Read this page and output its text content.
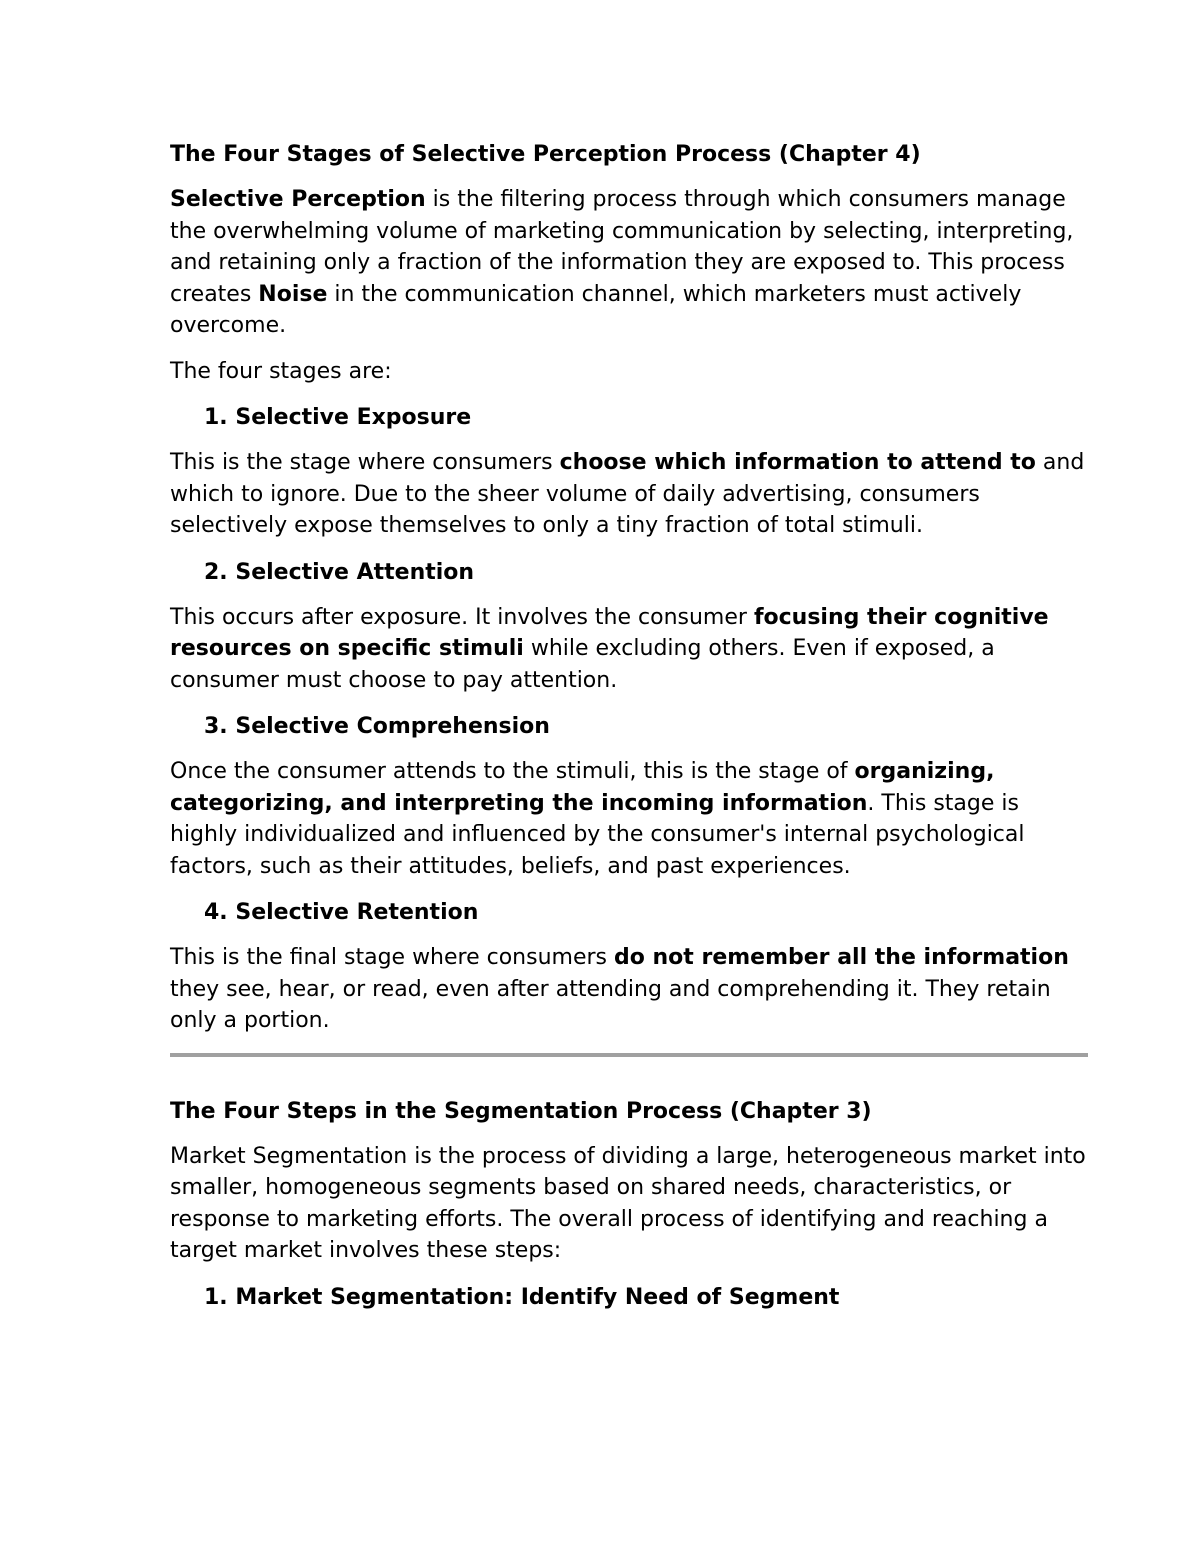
The Four Stages of Selective Perception Process (Chapter 4)

Selective Perception is the filtering process through which consumers manage the overwhelming volume of marketing communication by selecting, interpreting, and retaining only a fraction of the information they are exposed to. This process creates Noise in the communication channel, which marketers must actively overcome.

The four stages are:

1. Selective Exposure

This is the stage where consumers choose which information to attend to and which to ignore. Due to the sheer volume of daily advertising, consumers selectively expose themselves to only a tiny fraction of total stimuli.

2. Selective Attention

This occurs after exposure. It involves the consumer focusing their cognitive resources on specific stimuli while excluding others. Even if exposed, a consumer must choose to pay attention.

3. Selective Comprehension

Once the consumer attends to the stimuli, this is the stage of organizing, categorizing, and interpreting the incoming information. This stage is highly individualized and influenced by the consumer's internal psychological factors, such as their attitudes, beliefs, and past experiences.

4. Selective Retention

This is the final stage where consumers do not remember all the information they see, hear, or read, even after attending and comprehending it. They retain only a portion.

The Four Steps in the Segmentation Process (Chapter 3)

Market Segmentation is the process of dividing a large, heterogeneous market into smaller, homogeneous segments based on shared needs, characteristics, or response to marketing efforts. The overall process of identifying and reaching a target market involves these steps:

1. Market Segmentation: Identify Need of Segment
